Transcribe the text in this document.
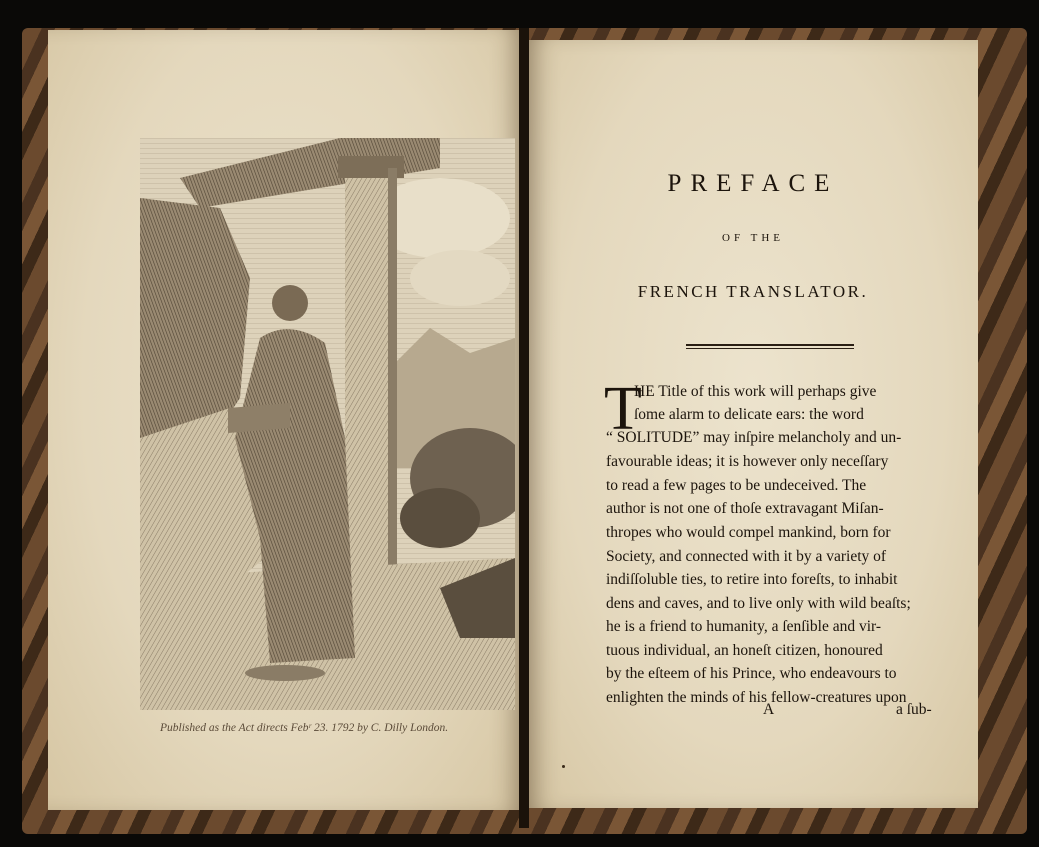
Published as the Act directs Febʳ 23. 1792 by C. Dilly London.
PREFACE
OF THE
FRENCH TRANSLATOR.
T
HE Title of this work will perhaps give
ſome alarm to delicate ears: the word
“ SOLITUDE” may inſpire melancholy and un-
favourable ideas; it is however only neceſſary
to read a few pages to be undeceived. The
author is not one of thoſe extravagant Miſan-
thropes who would compel mankind, born for
Society, and connected with it by a variety of
indiſſoluble ties, to retire into foreſts, to inhabit
dens and caves, and to live only with wild beaſts;
he is a friend to humanity, a ſenſible and vir-
tuous individual, an honeſt citizen, honoured
by the eſteem of his Prince, who endeavours to
enlighten the minds of his fellow-creatures upon
A	a ſub-
